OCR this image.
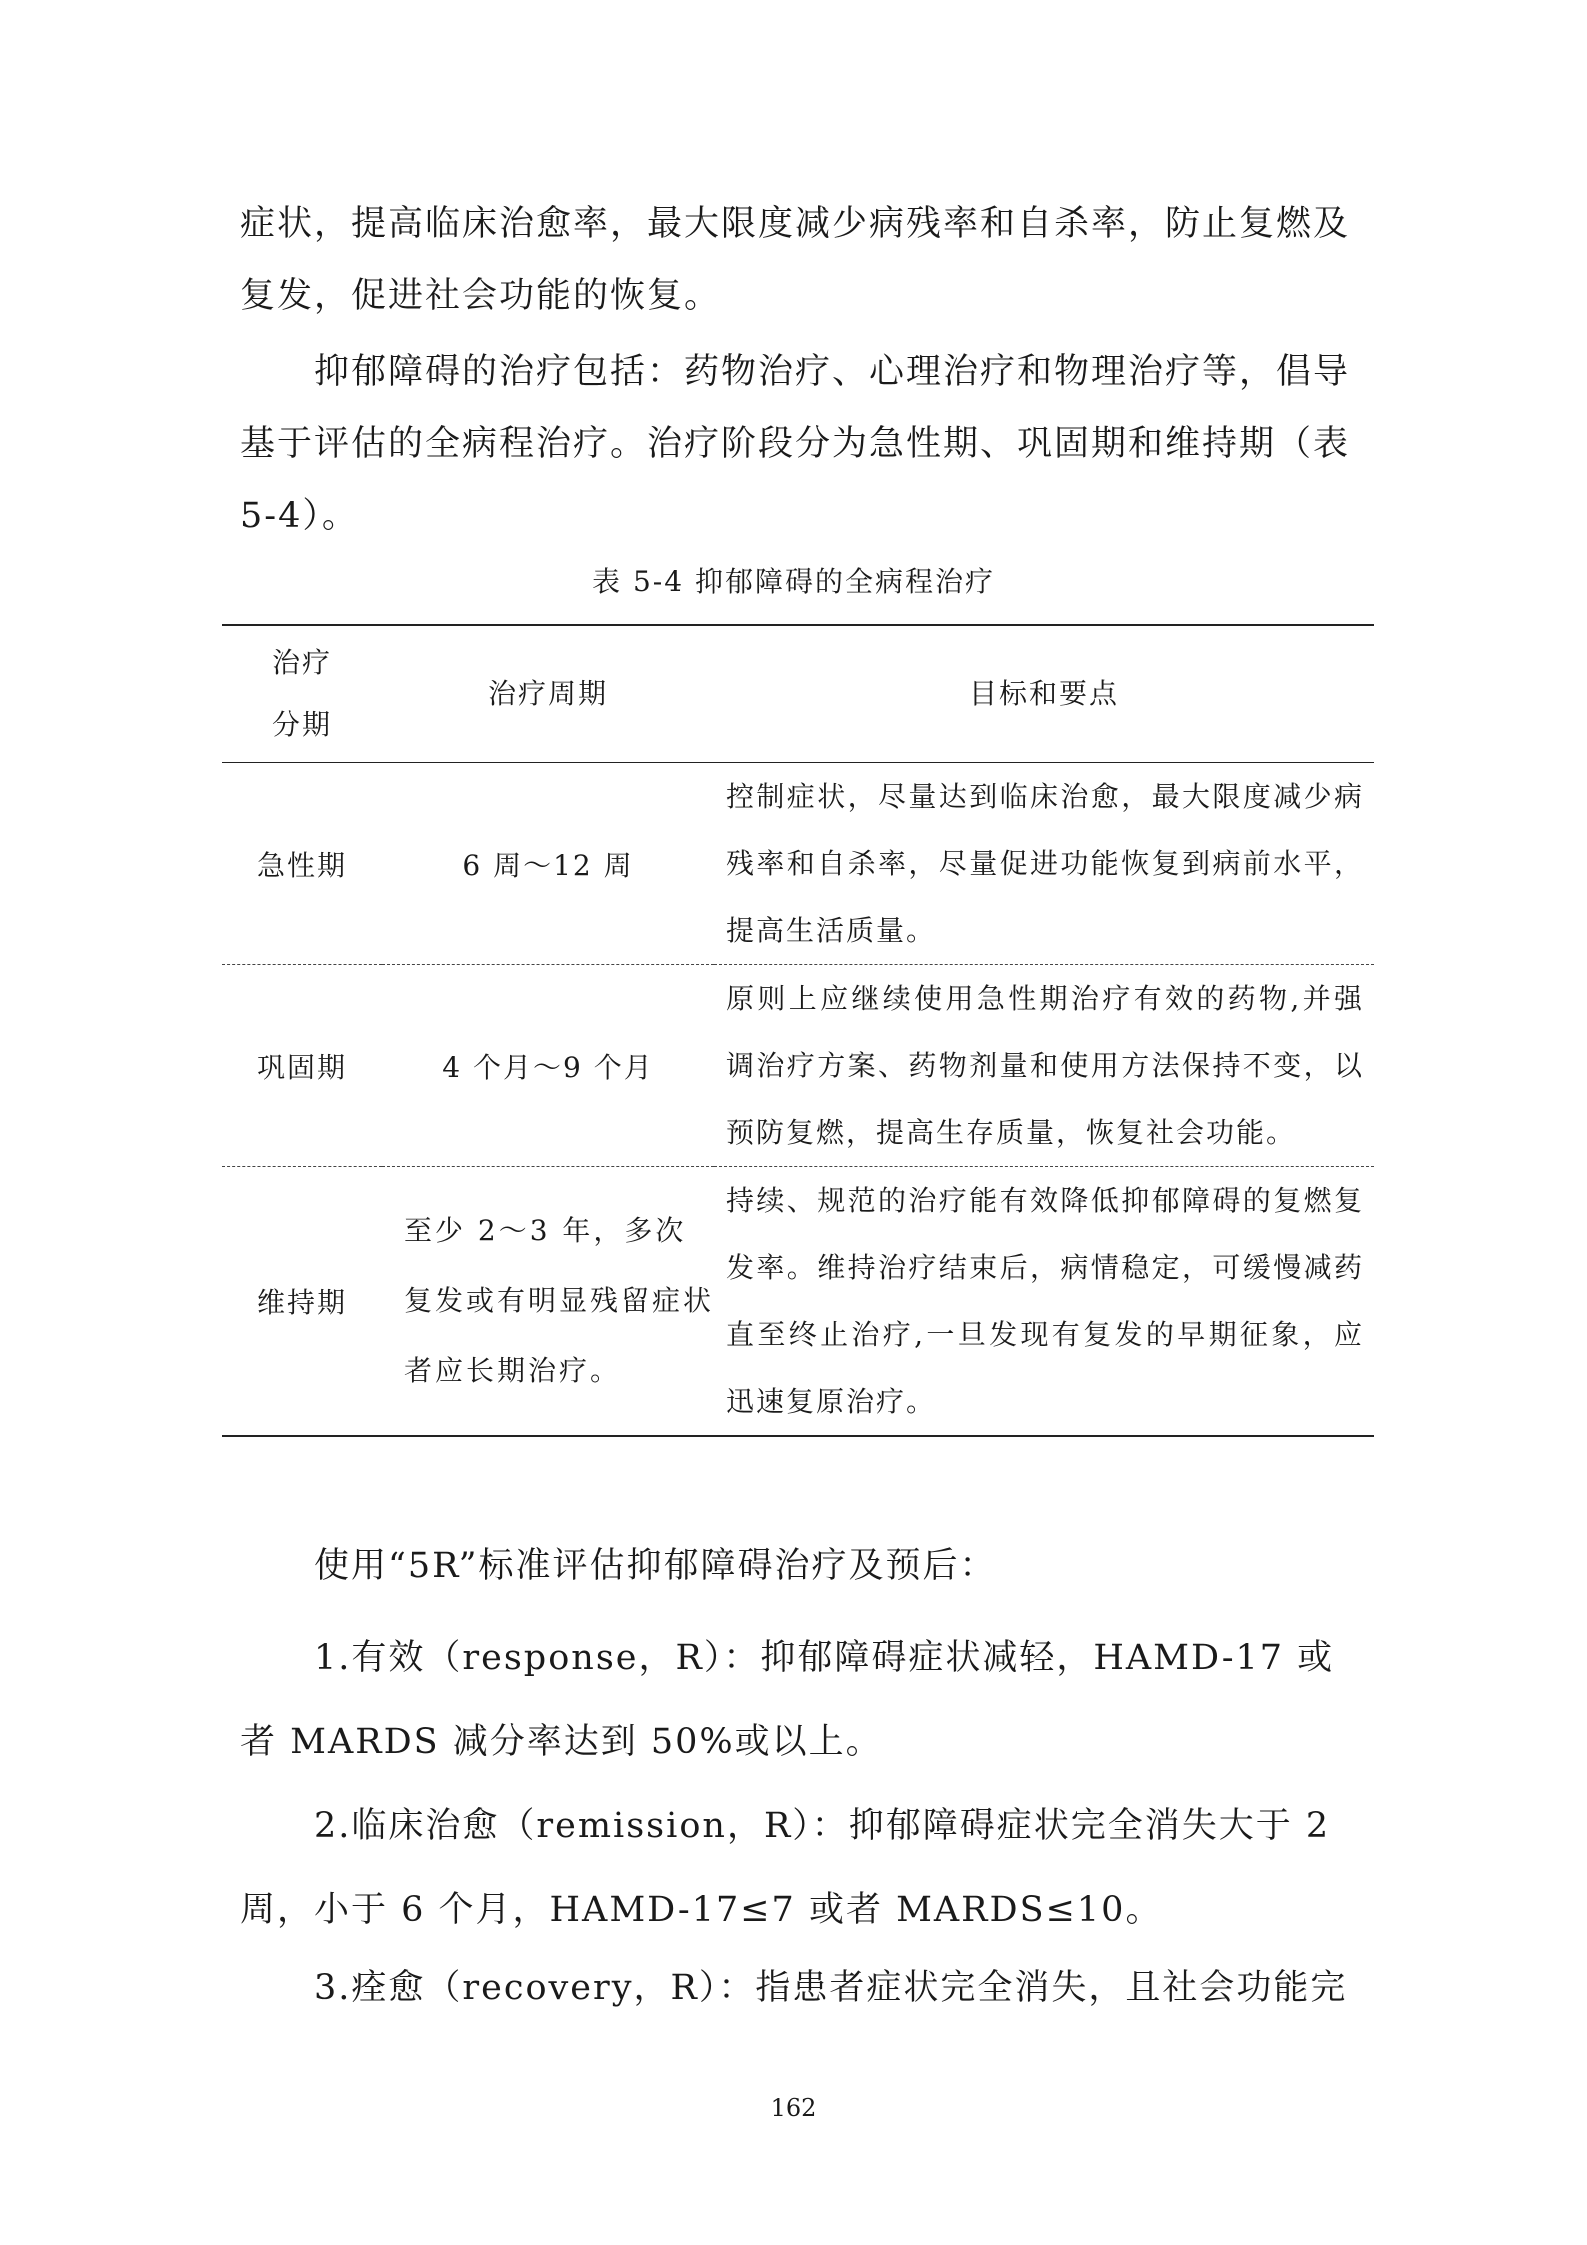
症状，提高临床治愈率，最大限度减少病残率和自杀率，防止复燃及复发，促进社会功能的恢复。

抑郁障碍的治疗包括：药物治疗、心理治疗和物理治疗等，倡导基于评估的全病程治疗。治疗阶段分为急性期、巩固期和维持期（表5-4）。

表 5-4 抑郁障碍的全病程治疗
治疗
分期	治疗周期	目标和要点
急性期	6 周～12 周	控制症状，尽量达到临床治愈，最大限度减少病残率和自杀率，尽量促进功能恢复到病前水平，提高生活质量。
巩固期	4 个月～9 个月	原则上应继续使用急性期治疗有效的药物,并强调治疗方案、药物剂量和使用方法保持不变，以预防复燃，提高生存质量，恢复社会功能。
维持期	至少 2～3 年，多次复发或有明显残留症状者应长期治疗。	持续、规范的治疗能有效降低抑郁障碍的复燃复发率。维持治疗结束后，病情稳定，可缓慢减药直至终止治疗,一旦发现有复发的早期征象，应迅速复原治疗。

使用“5R”标准评估抑郁障碍治疗及预后：

1.有效（response，R）：抑郁障碍症状减轻，HAMD-17 或者 MARDS 减分率达到 50%或以上。

2.临床治愈（remission，R）：抑郁障碍症状完全消失大于 2 周，小于 6 个月，HAMD-17≤7 或者 MARDS≤10。

3.痊愈（recovery，R）：指患者症状完全消失，且社会功能完

162
